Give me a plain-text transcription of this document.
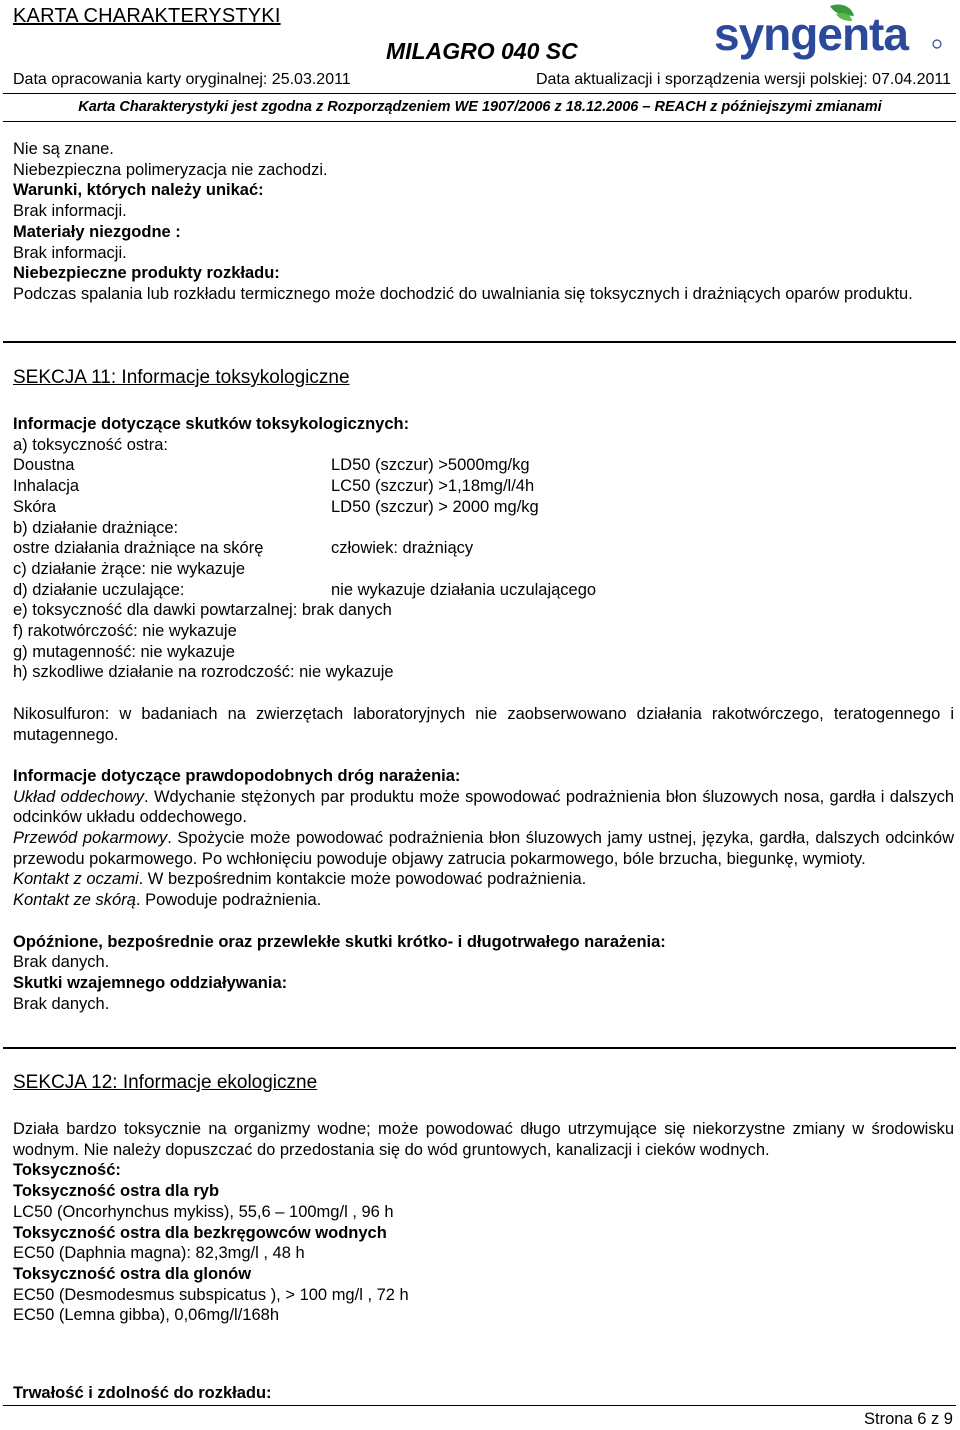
KARTA CHARAKTERYSTYKI
MILAGRO 040 SC	syngenta
Data opracowania karty oryginalnej: 25.03.2011	Data aktualizacji i sporządzenia wersji polskiej: 07.04.2011
Karta Charakterystyki jest zgodna z Rozporządzeniem WE 1907/2006 z 18.12.2006 – REACH z późniejszymi zmianami
Nie są znane.
Niebezpieczna polimeryzacja nie zachodzi.
Warunki, których należy unikać:
Brak informacji.
Materiały niezgodne :
Brak informacji.
Niebezpieczne produkty rozkładu:
Podczas spalania lub rozkładu termicznego może dochodzić do uwalniania się toksycznych i drażniących oparów produktu.
SEKCJA 11: Informacje toksykologiczne
Informacje dotyczące skutków toksykologicznych:
a) toksyczność ostra:
Doustna	LD50 (szczur) >5000mg/kg
Inhalacja	LC50 (szczur) >1,18mg/l/4h
Skóra	LD50 (szczur) > 2000 mg/kg
b) działanie drażniące:
ostre działania drażniące na skórę	człowiek: drażniący
c) działanie żrące: nie wykazuje
d) działanie uczulające:	nie wykazuje działania uczulającego
e) toksyczność dla dawki powtarzalnej: brak danych
f) rakotwórczość: nie wykazuje
g) mutagenność: nie wykazuje
h) szkodliwe działanie na rozrodczość: nie wykazuje
Nikosulfuron: w badaniach na zwierzętach laboratoryjnych nie zaobserwowano działania rakotwórczego, teratogennego i mutagennego.
Informacje dotyczące prawdopodobnych dróg narażenia:
Układ oddechowy. Wdychanie stężonych par produktu może spowodować podrażnienia błon śluzowych nosa, gardła i dalszych odcinków układu oddechowego.
Przewód pokarmowy. Spożycie może powodować podrażnienia błon śluzowych jamy ustnej, języka, gardła, dalszych odcinków przewodu pokarmowego. Po wchłonięciu powoduje objawy zatrucia pokarmowego, bóle brzucha, biegunkę, wymioty.
Kontakt z oczami. W bezpośrednim kontakcie może powodować podrażnienia.
Kontakt ze skórą. Powoduje podrażnienia.
Opóźnione, bezpośrednie oraz przewlekłe skutki krótko- i długotrwałego narażenia:
Brak danych.
Skutki wzajemnego oddziaływania:
Brak danych.
SEKCJA 12: Informacje ekologiczne
Działa bardzo toksycznie na organizmy wodne; może powodować długo utrzymujące się niekorzystne zmiany w środowisku wodnym. Nie należy dopuszczać do przedostania się do wód gruntowych, kanalizacji i cieków wodnych.
Toksyczność:
Toksyczność ostra dla ryb
LC50 (Oncorhynchus mykiss), 55,6 – 100mg/l , 96 h
Toksyczność ostra dla bezkręgowców wodnych
EC50 (Daphnia magna): 82,3mg/l , 48 h
Toksyczność ostra dla glonów
EC50 (Desmodesmus subspicatus ), > 100 mg/l , 72 h
EC50 (Lemna gibba), 0,06mg/l/168h
Trwałość i zdolność do rozkładu:
Strona 6 z 9
